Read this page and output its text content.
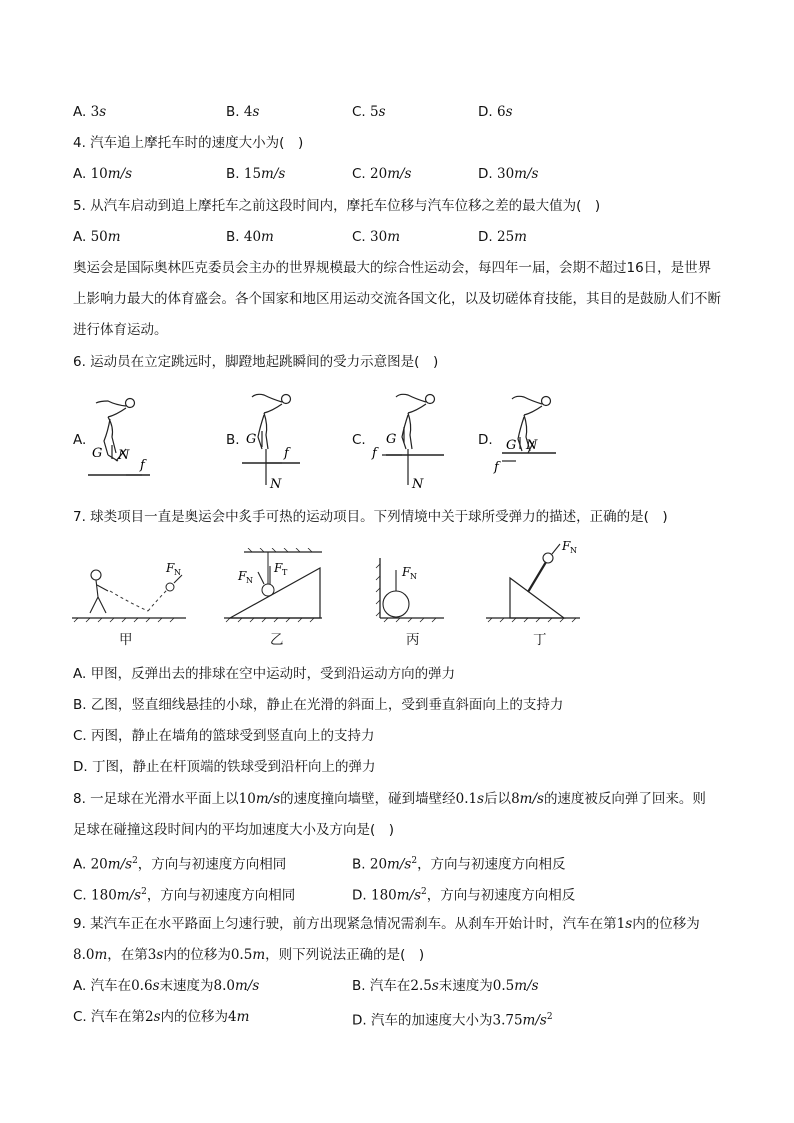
A. 3s	B. 4s	C. 5s	D. 6s
4. 汽车追上摩托车时的速度大小为(　)
A. 10m/s	B. 15m/s	C. 20m/s	D. 30m/s
5. 从汽车启动到追上摩托车之前这段时间内，摩托车位移与汽车位移之差的最大值为(　)
A. 50m	B. 40m	C. 30m	D. 25m
奥运会是国际奥林匹克委员会主办的世界规模最大的综合性运动会，每四年一届，会期不超过16日，是世界上影响力最大的体育盛会。各个国家和地区用运动交流各国文化，以及切磋体育技能，其目的是鼓励人们不断进行体育运动。
6. 运动员在立定跳远时，脚蹬地起跳瞬间的受力示意图是(　)
A.	B.	C.	D.
G N
f
G
N
f
G
N
f
G N
f
7. 球类项目一直是奥运会中炙手可热的运动项目。下列情境中关于球所受弹力的描述，正确的是(　)
F N
甲
F N
F T
乙
F N
丙
F N
丁
A. 甲图，反弹出去的排球在空中运动时，受到沿运动方向的弹力
B. 乙图，竖直细线悬挂的小球，静止在光滑的斜面上，受到垂直斜面向上的支持力
C. 丙图，静止在墙角的篮球受到竖直向上的支持力
D. 丁图，静止在杆顶端的铁球受到沿杆向上的弹力
8. 一足球在光滑水平面上以10m/s的速度撞向墙壁，碰到墙壁经0.1s后以8m/s的速度被反向弹了回来。则
足球在碰撞这段时间内的平均加速度大小及方向是(　)
A. $20m/s^2$，方向与初速度方向相同	B. $20m/s^2$，方向与初速度方向相反
C. $180m/s^2$，方向与初速度方向相同	D. $180m/s^2$，方向与初速度方向相反
9. 某汽车正在水平路面上匀速行驶，前方出现紧急情况需刹车。从刹车开始计时，汽车在第1s内的位移为
8.0m，在第3s内的位移为0.5m，则下列说法正确的是(　)
A. 汽车在0.6s末速度为8.0m/s	B. 汽车在2.5s末速度为0.5m/s
C. 汽车在第2s内的位移为4m	D. 汽车的加速度大小为$3.75m/s^2$
